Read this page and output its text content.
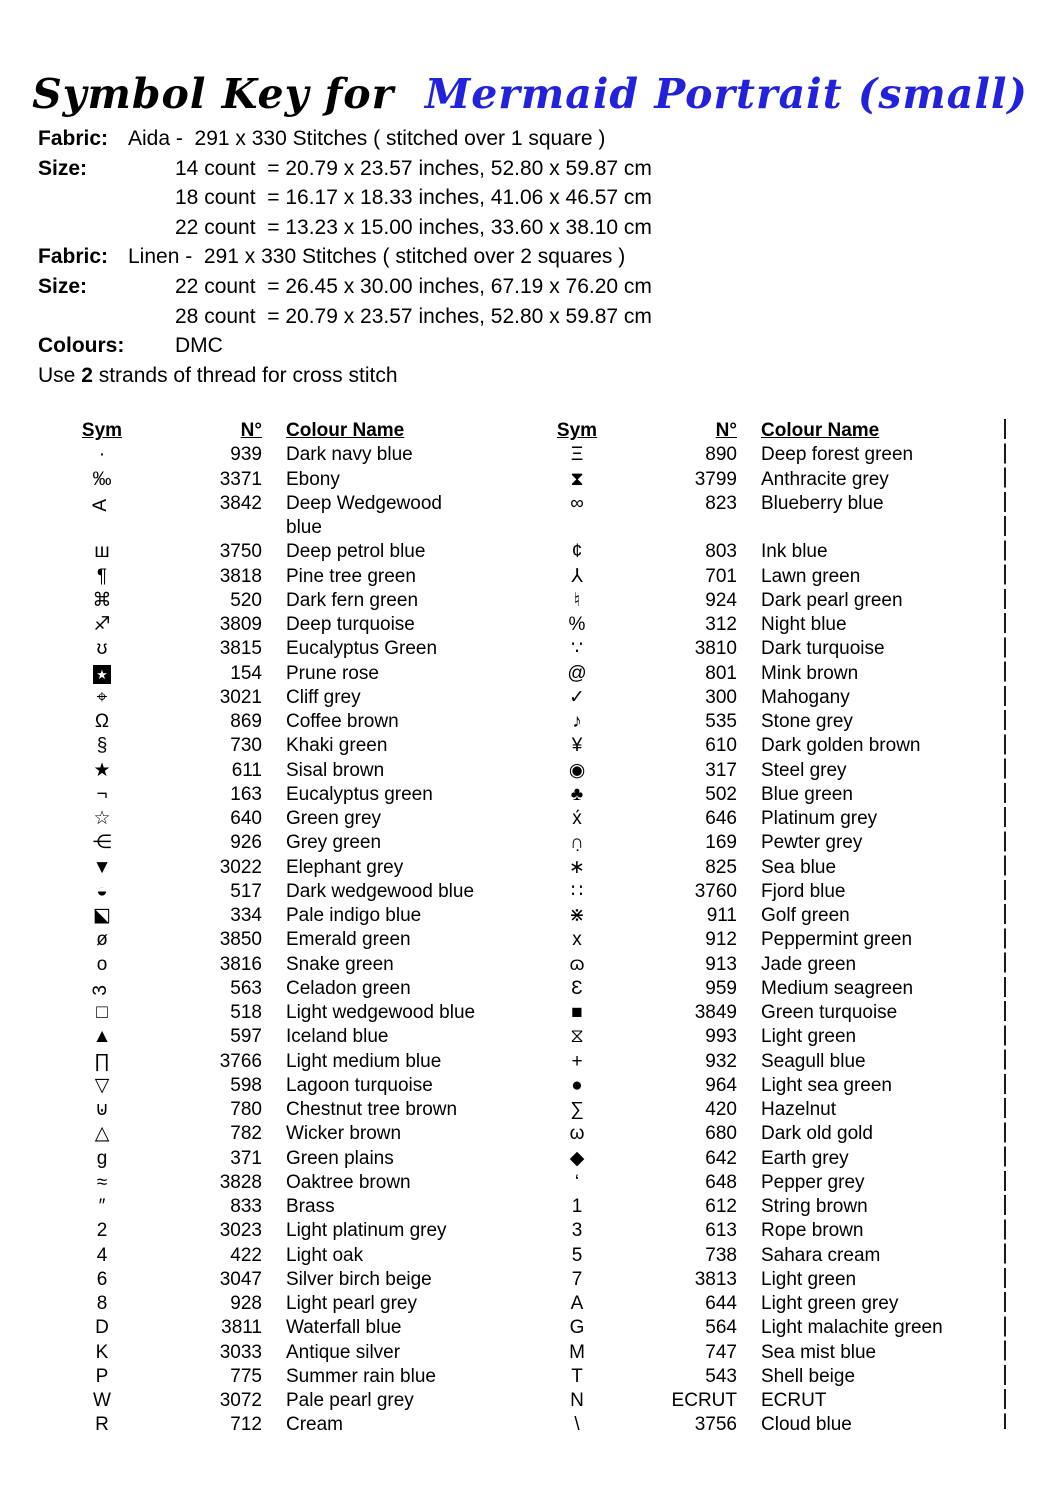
Symbol Key for  Mermaid Portrait (small)
Fabric: Aida -  291 x 330 Stitches ( stitched over 1 square )
Size:	14 count  = 20.79 x 23.57 inches, 52.80 x 59.87 cm
18 count  = 16.17 x 18.33 inches, 41.06 x 46.57 cm
22 count  = 13.23 x 15.00 inches, 33.60 x 38.10 cm
Fabric: Linen -  291 x 330 Stitches ( stitched over 2 squares )
Size:	22 count  = 26.45 x 30.00 inches, 67.19 x 76.20 cm
28 count  = 20.79 x 23.57 inches, 52.80 x 59.87 cm
Colours:	DMC
Use 2 strands of thread for cross stitch
Sym	N° Colour Name
·	939 Dark navy blue
‰	3371 Ebony
A	3842 Deep Wedgewood blue
ш	3750 Deep petrol blue
¶	3818 Pine tree green
⌘	520 Dark fern green
♐	3809 Deep turquoise
ʊ	3815 Eucalyptus Green
★	154 Prune rose
⌖	3021 Cliff grey
Ω	869 Coffee brown
§	730 Khaki green
★	611 Sisal brown
¬	163 Eucalyptus green
☆	640 Green grey
⋲	926 Grey green
▼	3022 Elephant grey
◒	517 Dark wedgewood blue
◪	334 Pale indigo blue
ø	3850 Emerald green
o	3816 Snake green
3	563 Celadon green
□	518 Light wedgewood blue
▲	597 Iceland blue
∏	3766 Light medium blue
▽	598 Lagoon turquoise
⊍	780 Chestnut tree brown
△	782 Wicker brown
g	371 Green plains
≈	3828 Oaktree brown
″	833 Brass
2	3023 Light platinum grey
4	422 Light oak
6	3047 Silver birch beige
8	928 Light pearl grey
D	3811 Waterfall blue
K	3033 Antique silver
P	775 Summer rain blue
W	3072 Pale pearl grey
R	712 Cream
Sym	N° Colour Name
Ξ	890 Deep forest green
⧗	3799 Anthracite grey
∞	823 Blueberry blue
¢	803 Ink blue
⅄	701 Lawn green
♮	924 Dark pearl green
%	312 Night blue
∵	3810 Dark turquoise
@	801 Mink brown
✓	300 Mahogany
♪	535 Stone grey
¥	610 Dark golden brown
◉	317 Steel grey
♣	502 Blue green
x́	646 Platinum grey
∩̣	169 Pewter grey
∗	825 Sea blue
∷	3760 Fjord blue
⋇	911 Golf green
x	912 Peppermint green
ɷ	913 Jade green
Ɛ	959 Medium seagreen
■	3849 Green turquoise
⧖	993 Light green
+	932 Seagull blue
●	964 Light sea green
∑	420 Hazelnut
ω	680 Dark old gold
◆	642 Earth grey
‘	648 Pepper grey
1	612 String brown
3	613 Rope brown
5	738 Sahara cream
7	3813 Light green
A	644 Light green grey
G	564 Light malachite green
M	747 Sea mist blue
T	543 Shell beige
N	ECRUT ECRUT
\	3756 Cloud blue
